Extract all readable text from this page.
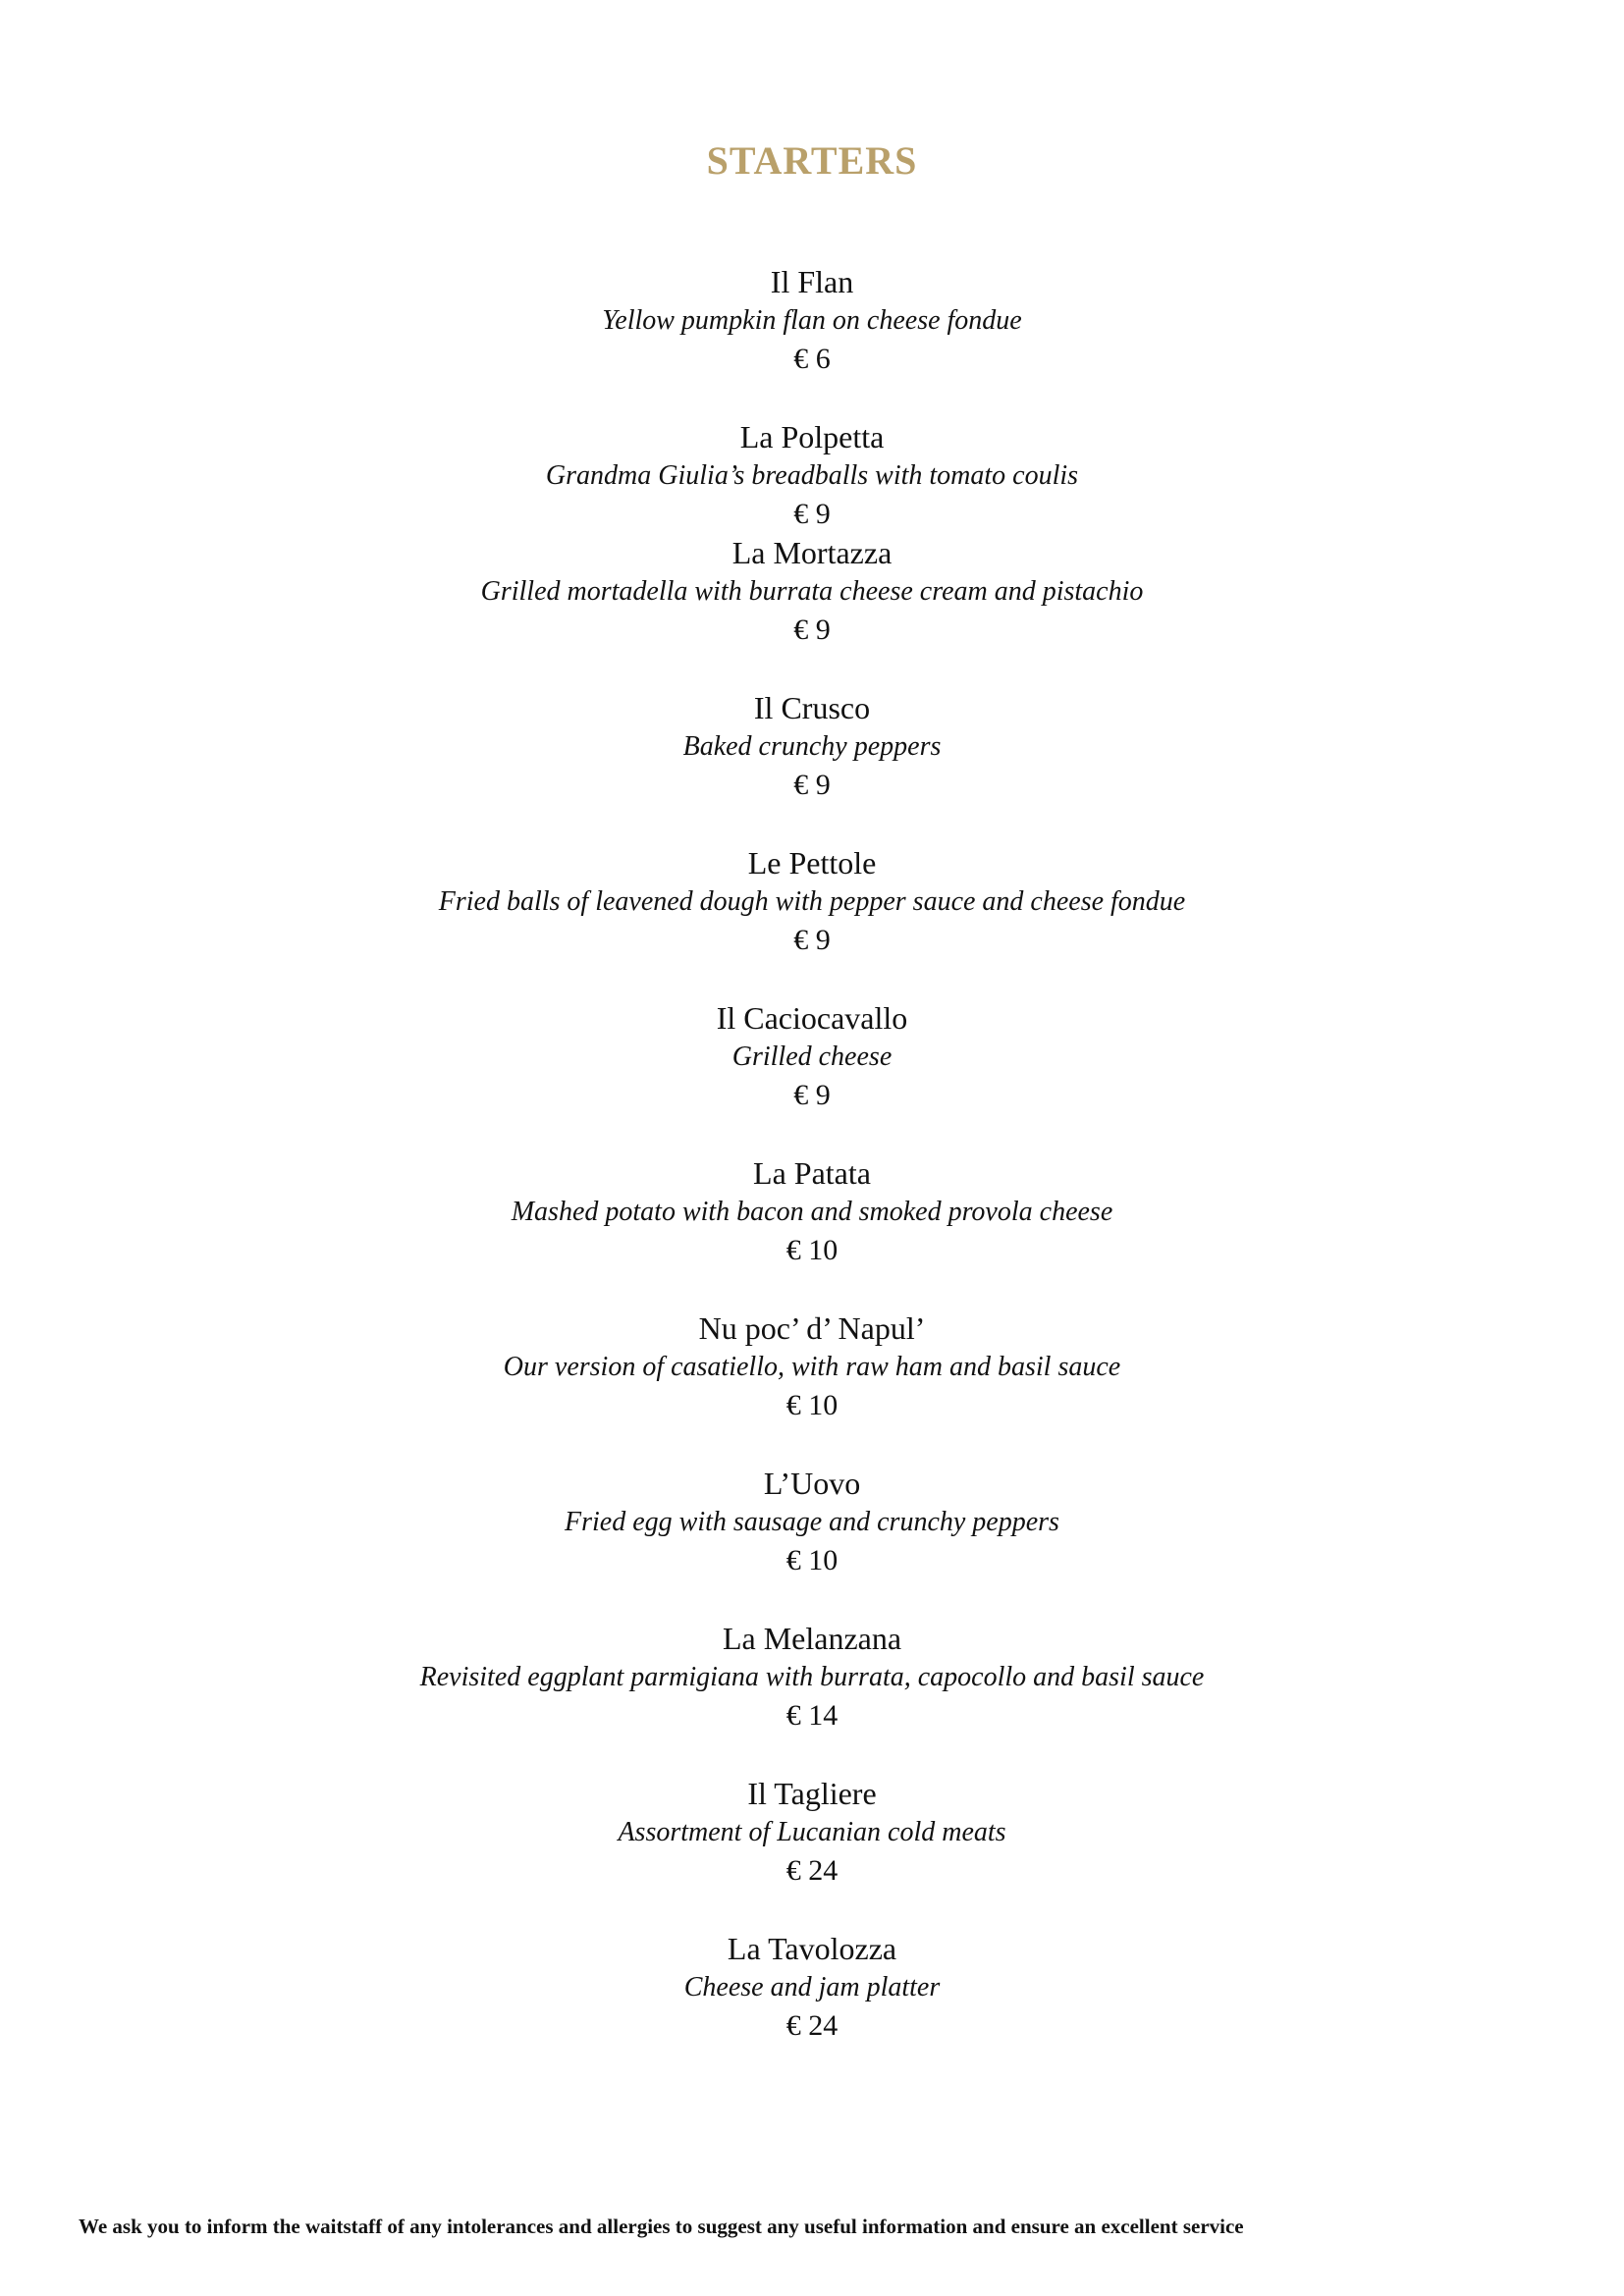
STARTERS
Il Flan
Yellow pumpkin flan on cheese fondue
€ 6
La Polpetta
Grandma Giulia’s breadballs with tomato coulis
€ 9
La Mortazza
Grilled mortadella with burrata cheese cream and pistachio
€ 9
Il Crusco
Baked crunchy peppers
€ 9
Le Pettole
Fried balls of leavened dough with pepper sauce and cheese fondue
€ 9
Il Caciocavallo
Grilled cheese
€ 9
La Patata
Mashed potato with bacon and smoked provola cheese
€ 10
Nu poc’ d’ Napul’
Our version of casatiello, with raw ham and basil sauce
€ 10
L’Uovo
Fried egg with sausage and crunchy peppers
€ 10
La Melanzana
Revisited eggplant parmigiana with burrata, capocollo and basil sauce
€ 14
Il Tagliere
Assortment of Lucanian cold meats
€ 24
La Tavolozza
Cheese and jam platter
€ 24
We ask you to inform the waitstaff of any intolerances and allergies to suggest any useful information and ensure an excellent service
